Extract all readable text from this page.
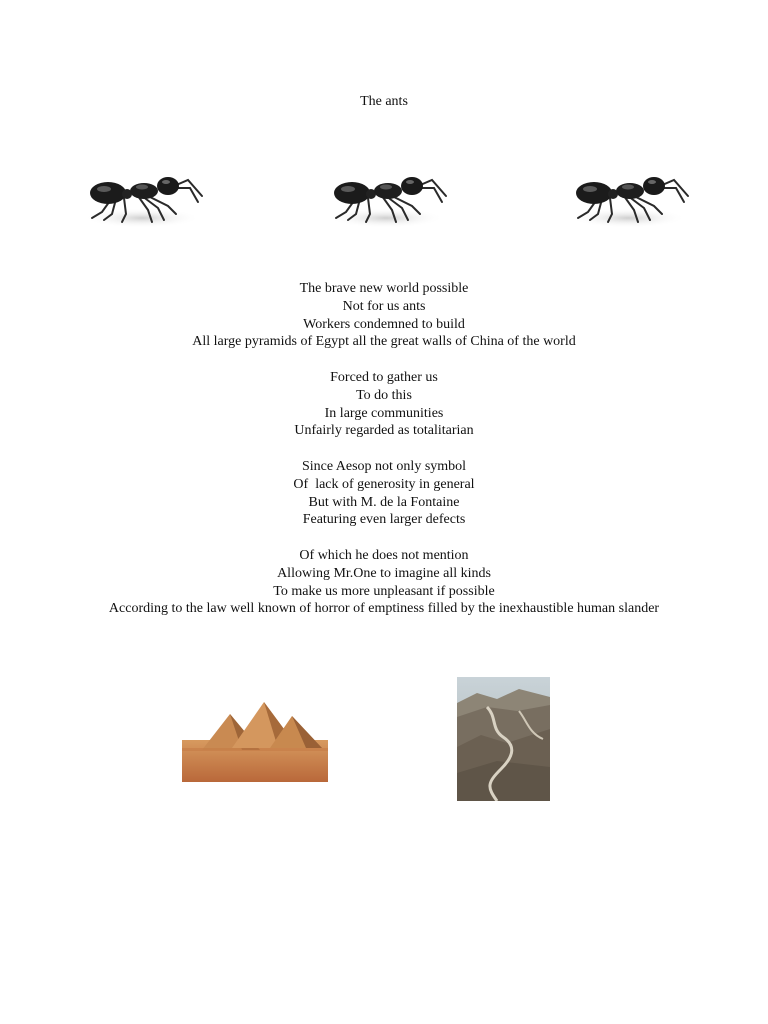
The ants
The brave new world possible
Not for us ants
Workers condemned to build
All large pyramids of Egypt all the great walls of China of the world
Forced to gather us
To do this
In large communities
Unfairly regarded as totalitarian
Since Aesop not only symbol
Of  lack of generosity in general
But with M. de la Fontaine
Featuring even larger defects
Of which he does not mention
Allowing Mr.One to imagine all kinds
To make us more unpleasant if possible
According to the law well known of horror of emptiness filled by the inexhaustible human slander
